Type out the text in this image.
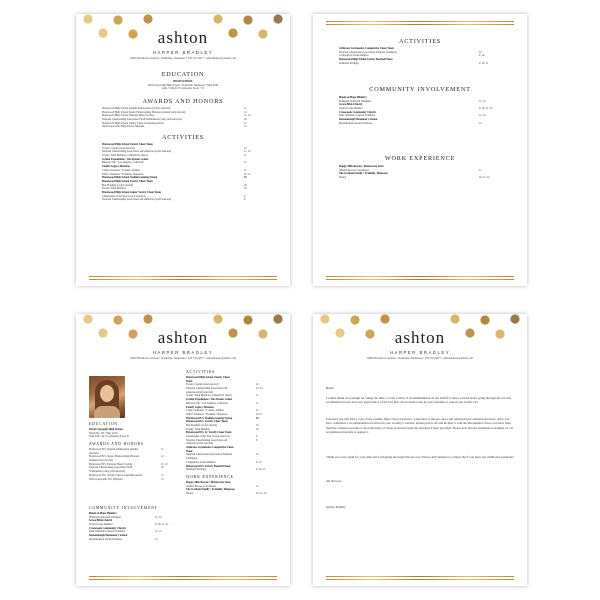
ashton
HARPER BRADLEY
2096 Hawthorne Avenue • Nashville, Tennessee • 615.555.5677 • ashtonharper@email.com
EDUCATION
HIGH SCHOOL
David Lipscomb High School • Nashville, Tennessee • May 2016
GPA • 3.96 ACT Composite Score • 31
AWARDS AND HONORS
Brentwood High School Student Ambassador (faculty selected)	11
Brentwood High School Senior Homecoming Princess (student body elected)	12
Brentwood High School National Honor Society	11, 12
National Cheerleading Association Staff Nomination (camp staff selected)	10
Brentwood High School Varsity Cheer Leadership Award	11
David Lipscomb High School Diploma	12
ACTIVITIES
Brentwood High School Varsity Cheer Team
Varsity Captain (team elected)	12
National Cheerleading Association All American (staff selected)	11, 12
Varsity Team Member (competitive cheer)	11
Jordan Expeditions • Life Dream Center
Mission Trip • Los Angeles, California	11
Family Legacy Missions
Camp Counselor • Lusaka, Zambia	11
Office Volunteer • Franklin, Tennessee	10, 11
Brentwood High School Stadium Seating Strong	10
Brentwood High School Varsity Cheer Team
Ben Franklin (coach elected)	10
Varsity Team Member	10
Brentwood High School Junior Varsity Cheer Team
Cheerleader of the Year (coach selected)	9
National Cheerleading Association All American (staff selected)	9
ACTIVITIES
Achievers Gymnastics Competitive Cheer Team
National Cheerleader Association National Champion	10
Competitive Team Member	9, 10
Brentwood High School Varsity Baseball Team
Diamond Darlings	9, 10, 11
COMMUNITY INVOLVEMENT
Hands of Hope Ministry
Homeless Outreach Volunteer	11, 12
Grace Bible Church
Youth Group Member	9, 10, 11, 12
Crossroads Community Church
Kids Children's Church Volunteer	11, 12
Rockenbaugh Elementary School
Reclaim Read Aloud Volunteer	12
WORK EXPERIENCE
Happy Hills Rescue • Brentwood, Tenn
Animal Rescue Coordinator	11
The Graham Family • Franklin, Tennessee
Nanny	10, 11, 12
ashton
HARPER BRADLEY
2096 Hawthorne Avenue • Nashville, Tennessee • 615.555.5677 • ashtonharper@email.com
EDUCATION
David Lipscomb High School
Nashville, TN • May 2016
GPA 3.96 • ACT Composite Score 31
AWARDS AND HONORS
Brentwood H.S. Student Ambassador (faculty	11
selected)
Brentwood H.S. Senior Homecoming Princess	12
(student body elected)
Brentwood H.S. National Honor Society	11, 12
National Cheerleading Association Staff	10
Nomination (camp staff selected)
Brentwood H.S. Varsity Cheer Leadership Award	11
David Lipscomb H.S. Diploma	12
COMMUNITY INVOLVEMENT
Hands of Hope Ministry
Homeless Outreach Volunteer	11, 12
Grace Bible Church
Youth Group Member	9, 10, 11, 12
Crossroads Community Church
Kids Children's Church Volunteer	11, 12
Rockenbaugh Elementary School
Reclaim Read Aloud Volunteer	12
ACTIVITIES
Brentwood High School Varsity Cheer
Team
Varsity Captain (team elected)	12
National Cheerleading Association All	11, 12
American (staff selected)
Varsity Team Member (competitive cheer)	11
Jordan Expeditions • Life Dream Center
Mission Trip • Los Angeles, California	11
Family Legacy Missions
Camp Counselor • Lusaka, Zambia	11
Office Volunteer • Franklin, Tennessee	10, 11
Brentwood H.S. Stadium Seating Strong	10
Brentwood H.S. Varsity Cheer Team
Ben Franklin (coach elected)	10
Varsity Team Member	10
Brentwood H.S. Jr. Varsity Cheer Team
Cheerleader of the Year (coach selected)	9
National Cheerleading Association All	9
American (staff selected)
Achievers Gymnastics Competitive Cheer
Team
National Cheerleader Association National	10
Champion
Competitive Team Member	9, 10
Brentwood H.S. Varsity Baseball Team
Diamond Darlings	9, 10, 11
WORK EXPERIENCE
Happy Hills Rescue • Brentwood, Tenn
Animal Rescue Coordinator	11
The Graham Family • Franklin, Tennessee
Nanny	10, 11, 12
ashton
HARPER BRADLEY
2096 Hawthorne Avenue • Nashville, Tennessee • 615.555.5677 • ashtonharper@email.com
Hello!
I cannot thank you enough for taking the time to write a letter of recommendation on my behalf! I am so excited about going through the sorority recruitment process and very appreciative of the fact that you've made room in your schedule to support me in this way.
Enclosed you will find a copy of my resume, high school transcript, a selection of photos, and a self addressed pre-stamped envelope. After you have completed a recommendation form from your sorority's website, please print it off and include it with the information I have provided, then mail the completed packet to the University of Texas at Austin using the envelope I have provided. Please note that the submission deadline for all recruitment materials is August 1.
Thank you once again for your time and for helping me begin this process. Please don't hesitate to contact me if you have any additional questions!
All the best,
Ashton Bradley
